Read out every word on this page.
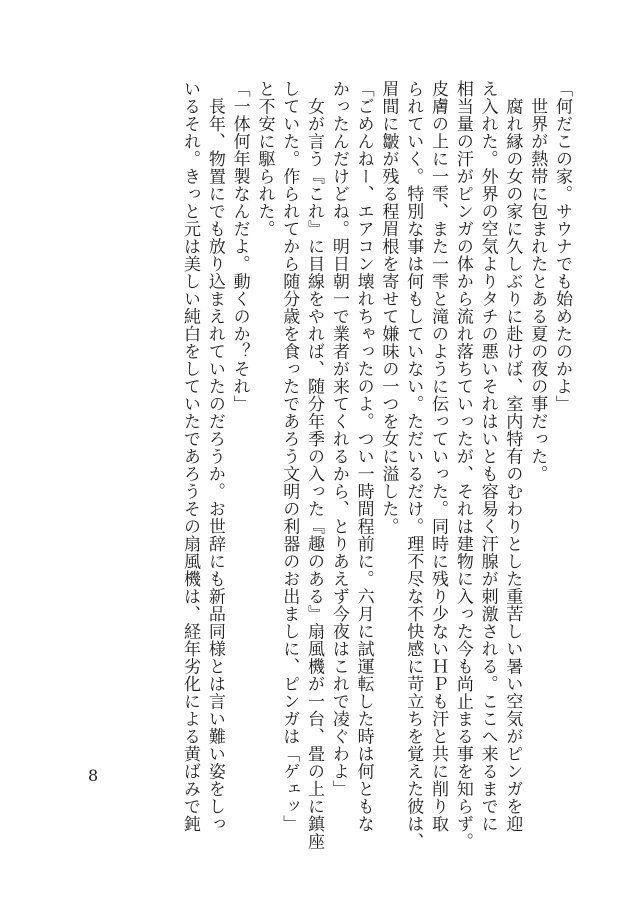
「何だこの家。サウナでも始めたのかよ」

　世界が熱帯に包まれたとある夏の夜の事だった。

　腐れ縁の女の家に久しぶりに赴けば、室内特有のむわりとした重苦しい暑い空気がピンガを迎

え入れた。外界の空気よりタチの悪いそれはいとも容易く汗腺が刺激される。ここへ来るまでに

相当量の汗がピンガの体から流れ落ちていったが、それは建物に入った今も尚止まる事を知らず。

皮膚の上に一雫、また一雫と滝のように伝っていった。同時に残り少ないＨＰも汗と共に削り取

られていく。特別な事は何もしていない。ただいるだけ。理不尽な不快感に苛立ちを覚えた彼は、

眉間に皺が残る程眉根を寄せて嫌味の一つを女に溢した。

「ごめんねー、エアコン壊れちゃったのよ。つい一時間程前に。六月に試運転した時は何ともな

かったんだけどね。明日朝一で業者が来てくれるから、とりあえず今夜はこれで凌ぐわよ」

　女が言う『これ』に目線をやれば、随分年季の入った『趣のある』扇風機が一台、畳の上に鎮座

していた。作られてから随分歳を食ったであろう文明の利器のお出ましに、ピンガは「ゲェッ」

と不安に駆られた。

「一体何年製なんだよ。動くのか？それ」

　長年、物置にでも放り込まえれていたのだろうか。お世辞にも新品同様とは言い難い姿をしっ

いるそれ。きっと元は美しい純白をしていたであろうその扇風機は、経年劣化による黄ばみで鈍

8
